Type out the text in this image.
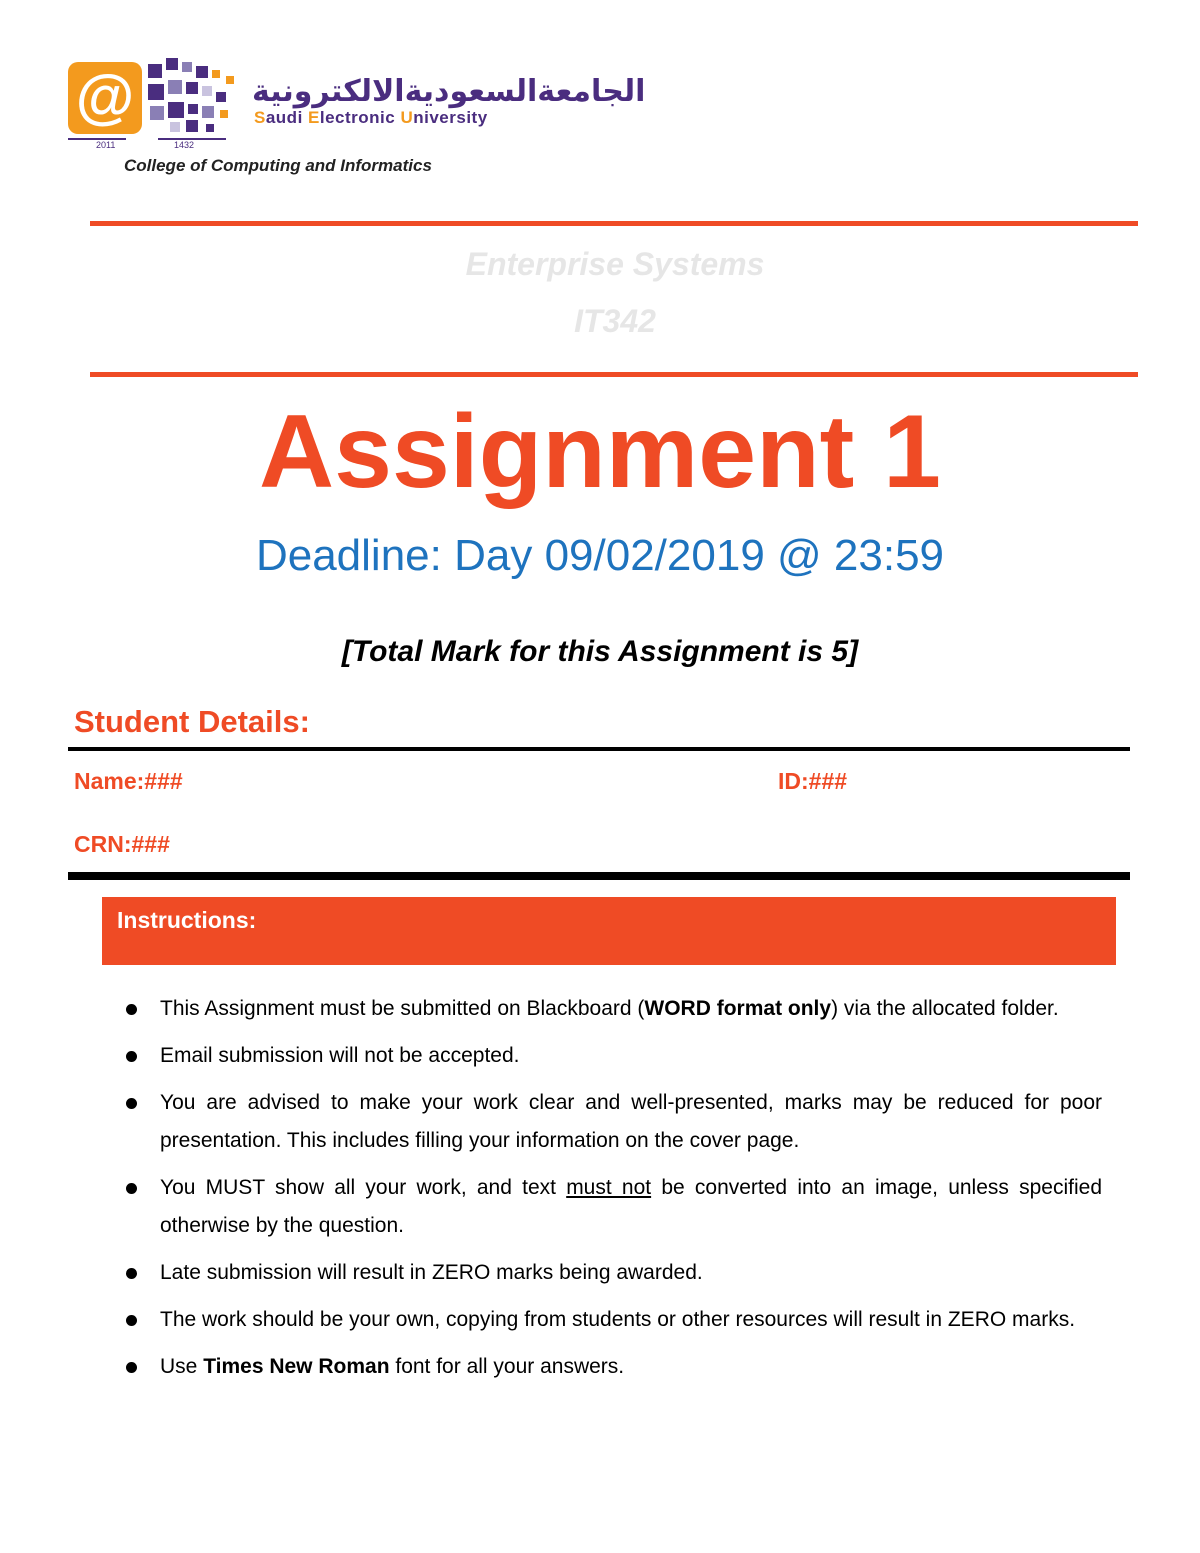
@
2011	1432
الجامعةالسعوديةالالكترونية
Saudi Electronic University
College of Computing and Informatics
Enterprise Systems
IT342
Assignment 1
Deadline: Day 09/02/2019 @ 23:59
[Total Mark for this Assignment is 5]
Student Details:
Name:###	ID:###
CRN:###
Instructions:
This Assignment must be submitted on Blackboard (WORD format only) via the allocated folder.
Email submission will not be accepted.
You are advised to make your work clear and well-presented, marks may be reduced for poor presentation. This includes filling your information on the cover page.
You MUST show all your work, and text must not be converted into an image, unless specified otherwise by the question.
Late submission will result in ZERO marks being awarded.
The work should be your own, copying from students or other resources will result in ZERO marks.
Use Times New Roman font for all your answers.
